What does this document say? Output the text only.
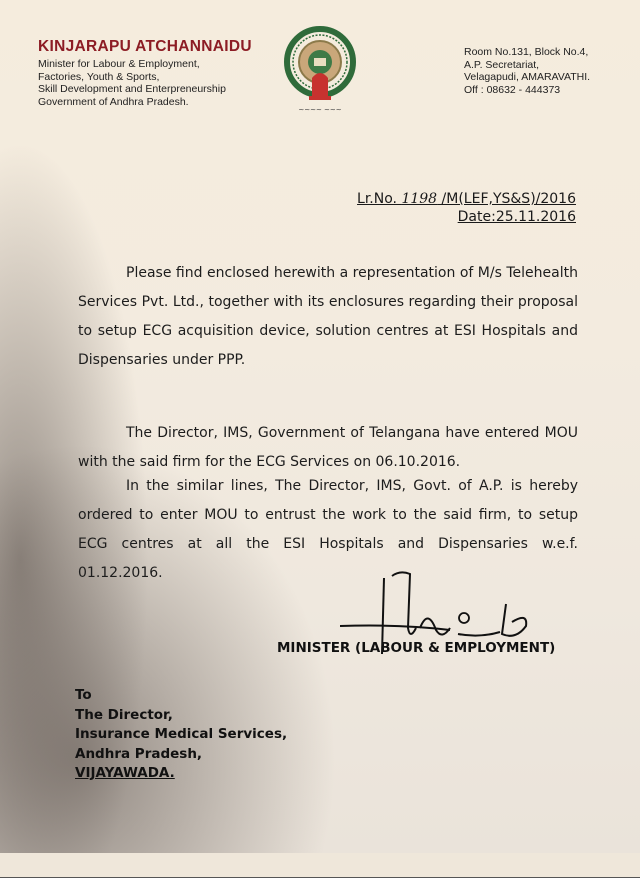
KINJARAPU ATCHANNAIDU
Minister for Labour & Employment,
Factories, Youth & Sports,
Skill Development and Enterpreneurship
Government of Andhra Pradesh.
~~~~ ~~~
Room No.131, Block No.4,
A.P. Secretariat,
Velagapudi, AMARAVATHI.
Off : 08632 - 444373
Lr.No. 1198 /M(LEF,YS&S)/2016
Date:25.11.2016
Please find enclosed herewith a representation of M/s Telehealth Services Pvt. Ltd., together with its enclosures regarding their proposal to setup ECG acquisition device, solution centres at ESI Hospitals and Dispensaries under PPP.
The Director, IMS, Government of Telangana have entered MOU with the said firm for the ECG Services on 06.10.2016.
In the similar lines, The Director, IMS, Govt. of A.P. is hereby ordered to enter MOU to entrust the work to the said firm, to setup ECG centres at all the ESI Hospitals and Dispensaries w.e.f. 01.12.2016.
MINISTER (LABOUR & EMPLOYMENT)
To
The Director,
Insurance Medical Services,
Andhra Pradesh,
VIJAYAWADA.
